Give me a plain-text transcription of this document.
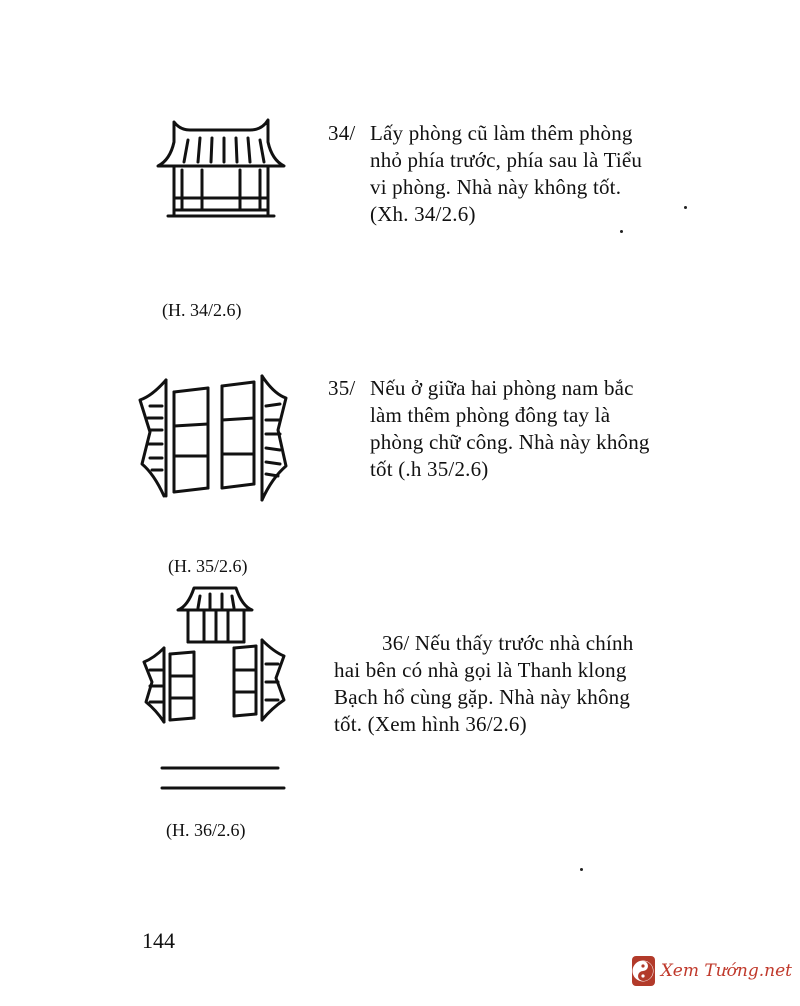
34/ Lấy phòng cũ làm thêm phòng
nhỏ phía trước, phía sau là Tiểu
vi phòng. Nhà này không tốt.
(Xh. 34/2.6)
(H. 34/2.6)
35/ Nếu ở giữa hai phòng nam bắc
làm thêm phòng đông tay là
phòng chữ công. Nhà này không
tốt (.h 35/2.6)
(H. 35/2.6)
36/ Nếu thấy trước nhà chính
hai bên có nhà gọi là Thanh klong
Bạch hổ cùng gặp. Nhà này không
tốt. (Xem hình 36/2.6)
(H. 36/2.6)
144
Xem Tướng.net
